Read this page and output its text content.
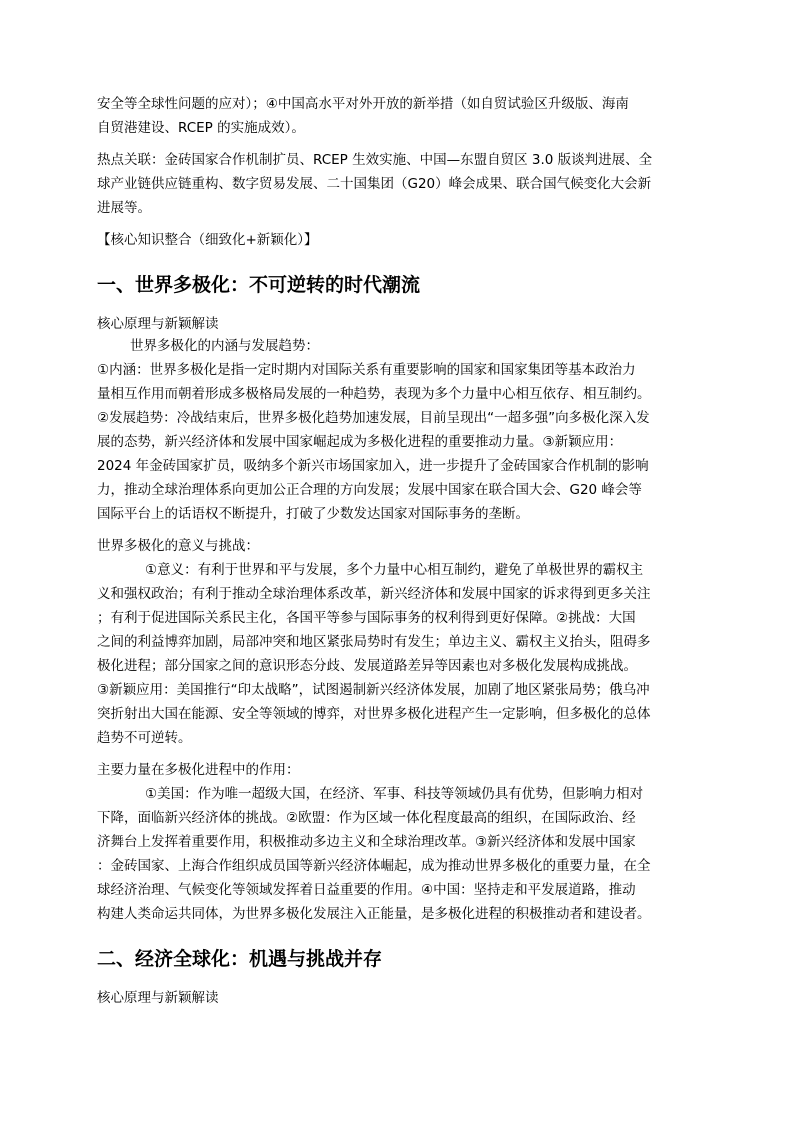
安全等全球性问题的应对）；④中国高水平对外开放的新举措（如自贸试验区升级版、海南
自贸港建设、RCEP 的实施成效）。
热点关联：金砖国家合作机制扩员、RCEP 生效实施、中国—东盟自贸区 3.0 版谈判进展、全
球产业链供应链重构、数字贸易发展、二十国集团（G20）峰会成果、联合国气候变化大会新
进展等。
【核心知识整合（细致化+新颖化）】
一、世界多极化：不可逆转的时代潮流
核心原理与新颖解读
世界多极化的内涵与发展趋势：
①内涵：世界多极化是指一定时期内对国际关系有重要影响的国家和国家集团等基本政治力
量相互作用而朝着形成多极格局发展的一种趋势，表现为多个力量中心相互依存、相互制约。
②发展趋势：冷战结束后，世界多极化趋势加速发展，目前呈现出“一超多强”向多极化深入发
展的态势，新兴经济体和发展中国家崛起成为多极化进程的重要推动力量。③新颖应用：
2024 年金砖国家扩员，吸纳多个新兴市场国家加入，进一步提升了金砖国家合作机制的影响
力，推动全球治理体系向更加公正合理的方向发展；发展中国家在联合国大会、G20 峰会等
国际平台上的话语权不断提升，打破了少数发达国家对国际事务的垄断。
世界多极化的意义与挑战：
①意义：有利于世界和平与发展，多个力量中心相互制约，避免了单极世界的霸权主
义和强权政治；有利于推动全球治理体系改革，新兴经济体和发展中国家的诉求得到更多关注
；有利于促进国际关系民主化，各国平等参与国际事务的权利得到更好保障。②挑战：大国
之间的利益博弈加剧，局部冲突和地区紧张局势时有发生；单边主义、霸权主义抬头，阻碍多
极化进程；部分国家之间的意识形态分歧、发展道路差异等因素也对多极化发展构成挑战。
③新颖应用：美国推行“印太战略”，试图遏制新兴经济体发展，加剧了地区紧张局势；俄乌冲
突折射出大国在能源、安全等领域的博弈，对世界多极化进程产生一定影响，但多极化的总体
趋势不可逆转。
主要力量在多极化进程中的作用：
①美国：作为唯一超级大国，在经济、军事、科技等领域仍具有优势，但影响力相对
下降，面临新兴经济体的挑战。②欧盟：作为区域一体化程度最高的组织，在国际政治、经
济舞台上发挥着重要作用，积极推动多边主义和全球治理改革。③新兴经济体和发展中国家
：金砖国家、上海合作组织成员国等新兴经济体崛起，成为推动世界多极化的重要力量，在全
球经济治理、气候变化等领域发挥着日益重要的作用。④中国：坚持走和平发展道路，推动
构建人类命运共同体，为世界多极化发展注入正能量，是多极化进程的积极推动者和建设者。
二、经济全球化：机遇与挑战并存
核心原理与新颖解读
